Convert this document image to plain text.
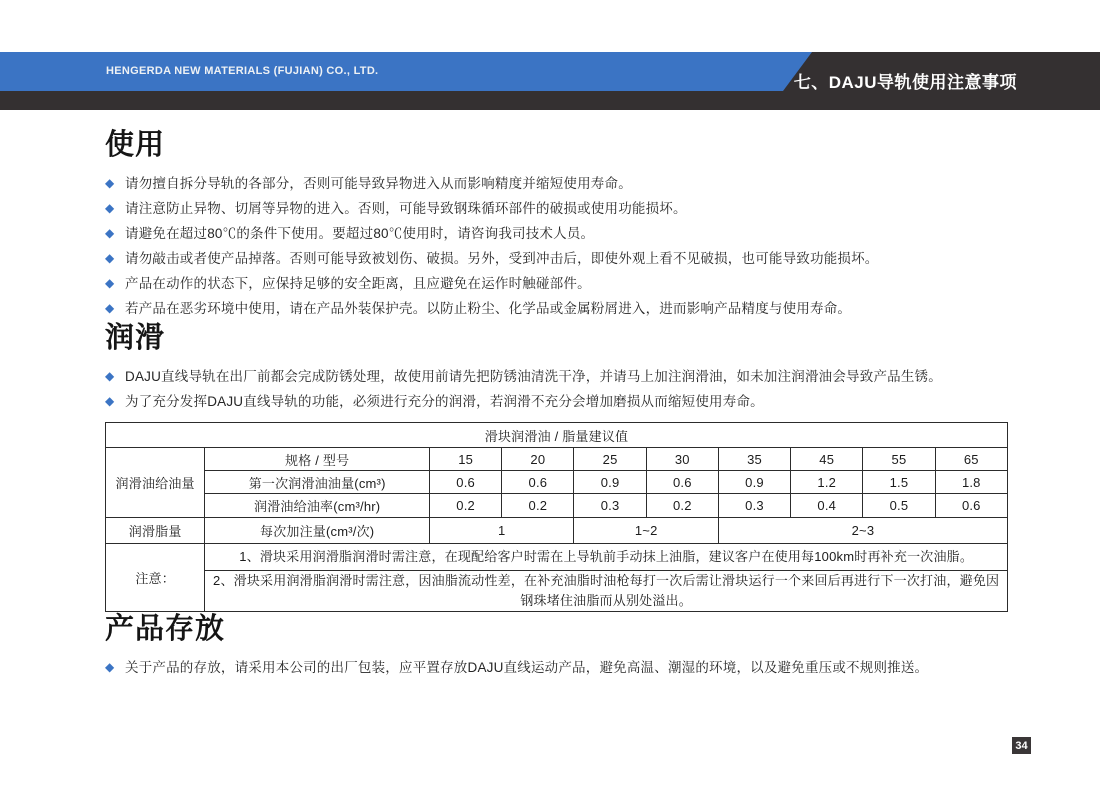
HENGERDA NEW MATERIALS (FUJIAN) CO., LTD.
七、DAJU导轨使用注意事项
使用
◆ 请勿擅自拆分导轨的各部分，否则可能导致异物进入从而影响精度并缩短使用寿命。
◆ 请注意防止异物、切屑等异物的进入。否则，可能导致钢珠循环部件的破损或使用功能损坏。
◆ 请避免在超过80℃的条件下使用。要超过80℃使用时，请咨询我司技术人员。
◆ 请勿敲击或者使产品掉落。否则可能导致被划伤、破损。另外，受到冲击后，即使外观上看不见破损，也可能导致功能损坏。
◆ 产品在动作的状态下，应保持足够的安全距离，且应避免在运作时触碰部件。
◆ 若产品在恶劣环境中使用，请在产品外装保护壳。以防止粉尘、化学品或金属粉屑进入，进而影响产品精度与使用寿命。
润滑
◆ DAJU直线导轨在出厂前都会完成防锈处理，故使用前请先把防锈油清洗干净，并请马上加注润滑油，如未加注润滑油会导致产品生锈。
◆ 为了充分发挥DAJU直线导轨的功能，必须进行充分的润滑，若润滑不充分会增加磨损从而缩短使用寿命。
滑块润滑油 / 脂量建议值									
润滑油给油量	规格 / 型号	15	20	25	30	35	45	55	65
	第一次润滑油油量(cm³)	0.6	0.6	0.9	0.6	0.9	1.2	1.5	1.8
	润滑油给油率(cm³/hr)	0.2	0.2	0.3	0.2	0.3	0.4	0.5	0.6
润滑脂量	每次加注量(cm³/次)	1		1~2		2~3			
注意：	1、滑块采用润滑脂润滑时需注意，在现配给客户时需在上导轨前手动抹上油脂，建议客户在使用每100km时再补充一次油脂。								
	2、滑块采用润滑脂润滑时需注意，因油脂流动性差，在补充油脂时油枪每打一次后需让滑块运行一个来回后再进行下一次打油，避免因钢珠堵住油脂而从别处溢出。								
产品存放
◆ 关于产品的存放，请采用本公司的出厂包装，应平置存放DAJU直线运动产品，避免高温、潮湿的环境，以及避免重压或不规则推送。
34
